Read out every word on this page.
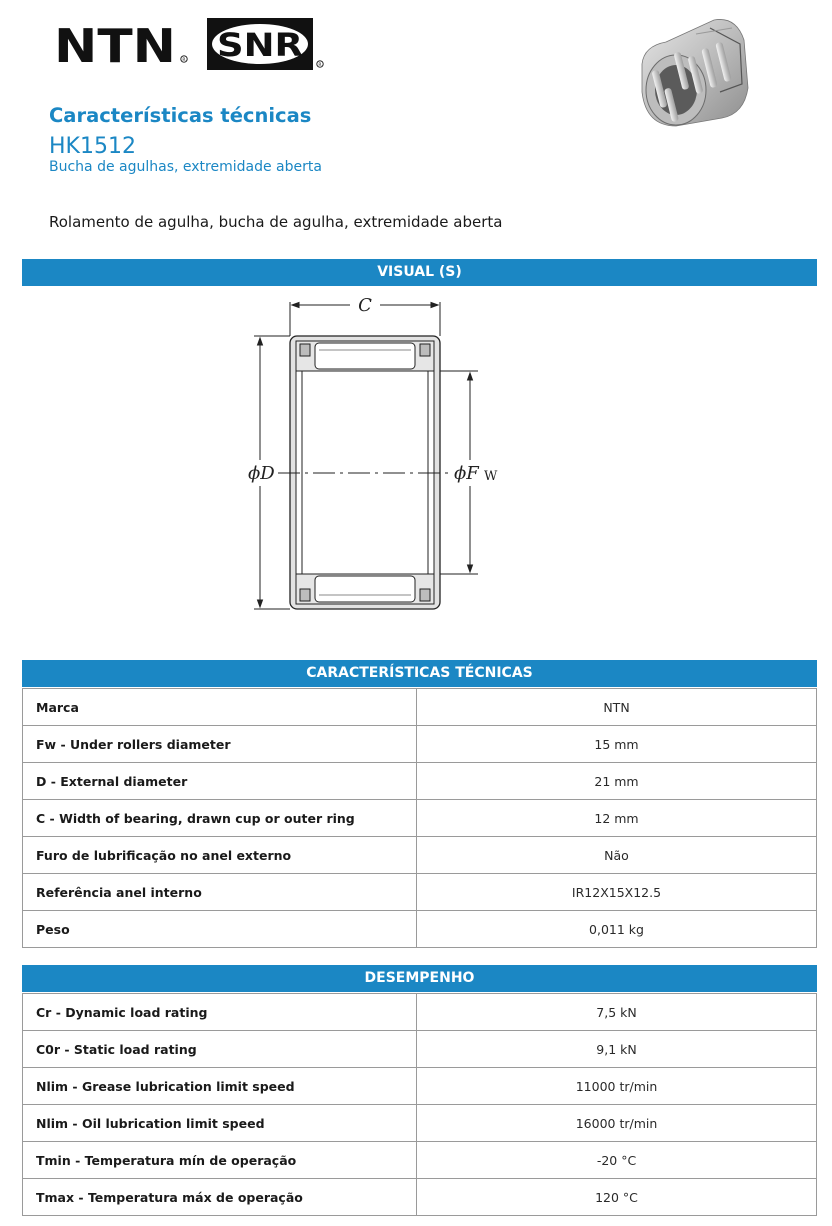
NTN R SNR
R
Características técnicas
HK1512
Bucha de agulhas, extremidade aberta
Rolamento de agulha, bucha de agulha, extremidade aberta
VISUAL (S)
C
ϕD	ϕF W
CARACTERÍSTICAS TÉCNICAS
Marca	NTN
Fw - Under rollers diameter	15 mm
D - External diameter	21 mm
C - Width of bearing, drawn cup or outer ring	12 mm
Furo de lubrificação no anel externo	Não
Referência anel interno	IR12X15X12.5
Peso	0,011 kg
DESEMPENHO
Cr - Dynamic load rating	7,5 kN
C0r - Static load rating	9,1 kN
Nlim - Grease lubrication limit speed	11000 tr/min
Nlim - Oil lubrication limit speed	16000 tr/min
Tmin - Temperatura mín de operação	-20 °C
Tmax - Temperatura máx de operação	120 °C
